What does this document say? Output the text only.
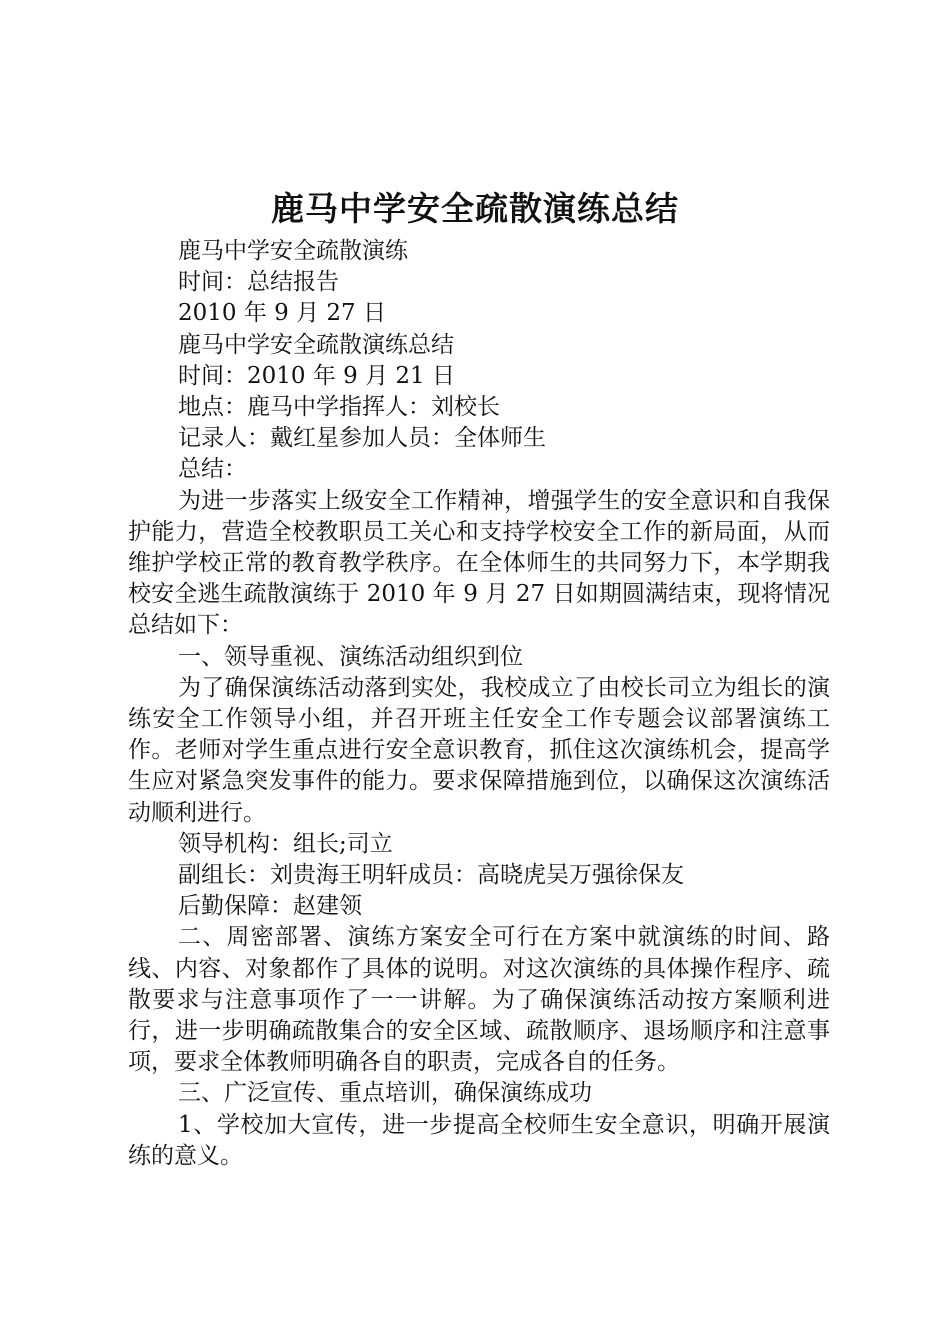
鹿马中学安全疏散演练总结

鹿马中学安全疏散演练

时间：总结报告

2010 年 9 月 27 日

鹿马中学安全疏散演练总结

时间：2010 年 9 月 21 日

地点：鹿马中学指挥人：刘校长

记录人：戴红星参加人员：全体师生

总结：

为进一步落实上级安全工作精神，增强学生的安全意识和自我保护能力，营造全校教职员工关心和支持学校安全工作的新局面，从而维护学校正常的教育教学秩序。在全体师生的共同努力下，本学期我校安全逃生疏散演练于 2010 年 9 月 27 日如期圆满结束，现将情况总结如下：

一、领导重视、演练活动组织到位

为了确保演练活动落到实处，我校成立了由校长司立为组长的演练安全工作领导小组，并召开班主任安全工作专题会议部署演练工作。老师对学生重点进行安全意识教育，抓住这次演练机会，提高学生应对紧急突发事件的能力。要求保障措施到位，以确保这次演练活动顺利进行。

领导机构：组长;司立

副组长：刘贵海王明轩成员：高晓虎吴万强徐保友

后勤保障：赵建领

二、周密部署、演练方案安全可行在方案中就演练的时间、路线、内容、对象都作了具体的说明。对这次演练的具体操作程序、疏散要求与注意事项作了一一讲解。为了确保演练活动按方案顺利进行，进一步明确疏散集合的安全区域、疏散顺序、退场顺序和注意事项，要求全体教师明确各自的职责，完成各自的任务。

三、广泛宣传、重点培训，确保演练成功

1、学校加大宣传，进一步提高全校师生安全意识，明确开展演练的意义。
